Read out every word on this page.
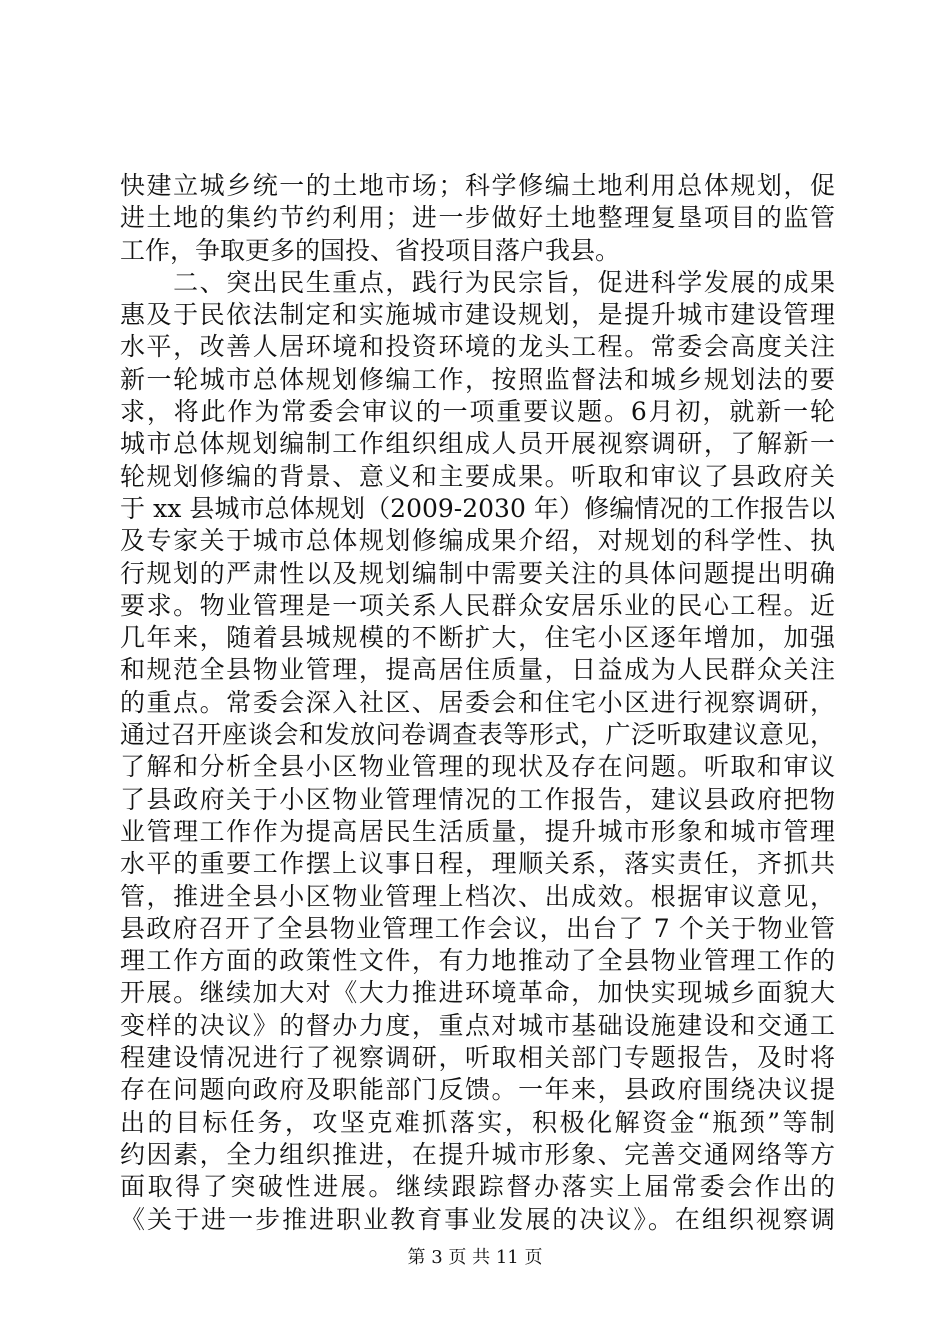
快建立城乡统一的土地市场；科学修编土地利用总体规划，促
进土地的集约节约利用；进一步做好土地整理复垦项目的监管
工作，争取更多的国投、省投项目落户我县。
　　二、突出民生重点，践行为民宗旨，促进科学发展的成果
惠及于民依法制定和实施城市建设规划，是提升城市建设管理
水平，改善人居环境和投资环境的龙头工程。常委会高度关注
新一轮城市总体规划修编工作，按照监督法和城乡规划法的要
求，将此作为常委会审议的一项重要议题。6月初，就新一轮
城市总体规划编制工作组织组成人员开展视察调研，了解新一
轮规划修编的背景、意义和主要成果。听取和审议了县政府关
于 xx 县城市总体规划（2009-2030 年）修编情况的工作报告以
及专家关于城市总体规划修编成果介绍，对规划的科学性、执
行规划的严肃性以及规划编制中需要关注的具体问题提出明确
要求。物业管理是一项关系人民群众安居乐业的民心工程。近
几年来，随着县城规模的不断扩大，住宅小区逐年增加，加强
和规范全县物业管理，提高居住质量，日益成为人民群众关注
的重点。常委会深入社区、居委会和住宅小区进行视察调研，
通过召开座谈会和发放问卷调查表等形式，广泛听取建议意见，
了解和分析全县小区物业管理的现状及存在问题。听取和审议
了县政府关于小区物业管理情况的工作报告，建议县政府把物
业管理工作作为提高居民生活质量，提升城市形象和城市管理
水平的重要工作摆上议事日程，理顺关系，落实责任，齐抓共
管，推进全县小区物业管理上档次、出成效。根据审议意见，
县政府召开了全县物业管理工作会议，出台了 7 个关于物业管
理工作方面的政策性文件，有力地推动了全县物业管理工作的
开展。继续加大对《大力推进环境革命，加快实现城乡面貌大
变样的决议》的督办力度，重点对城市基础设施建设和交通工
程建设情况进行了视察调研，听取相关部门专题报告，及时将
存在问题向政府及职能部门反馈。一年来，县政府围绕决议提
出的目标任务，攻坚克难抓落实，积极化解资金“瓶颈”等制
约因素，全力组织推进，在提升城市形象、完善交通网络等方
面取得了突破性进展。继续跟踪督办落实上届常委会作出的
《关于进一步推进职业教育事业发展的决议》。在组织视察调
第 3 页 共 11 页
